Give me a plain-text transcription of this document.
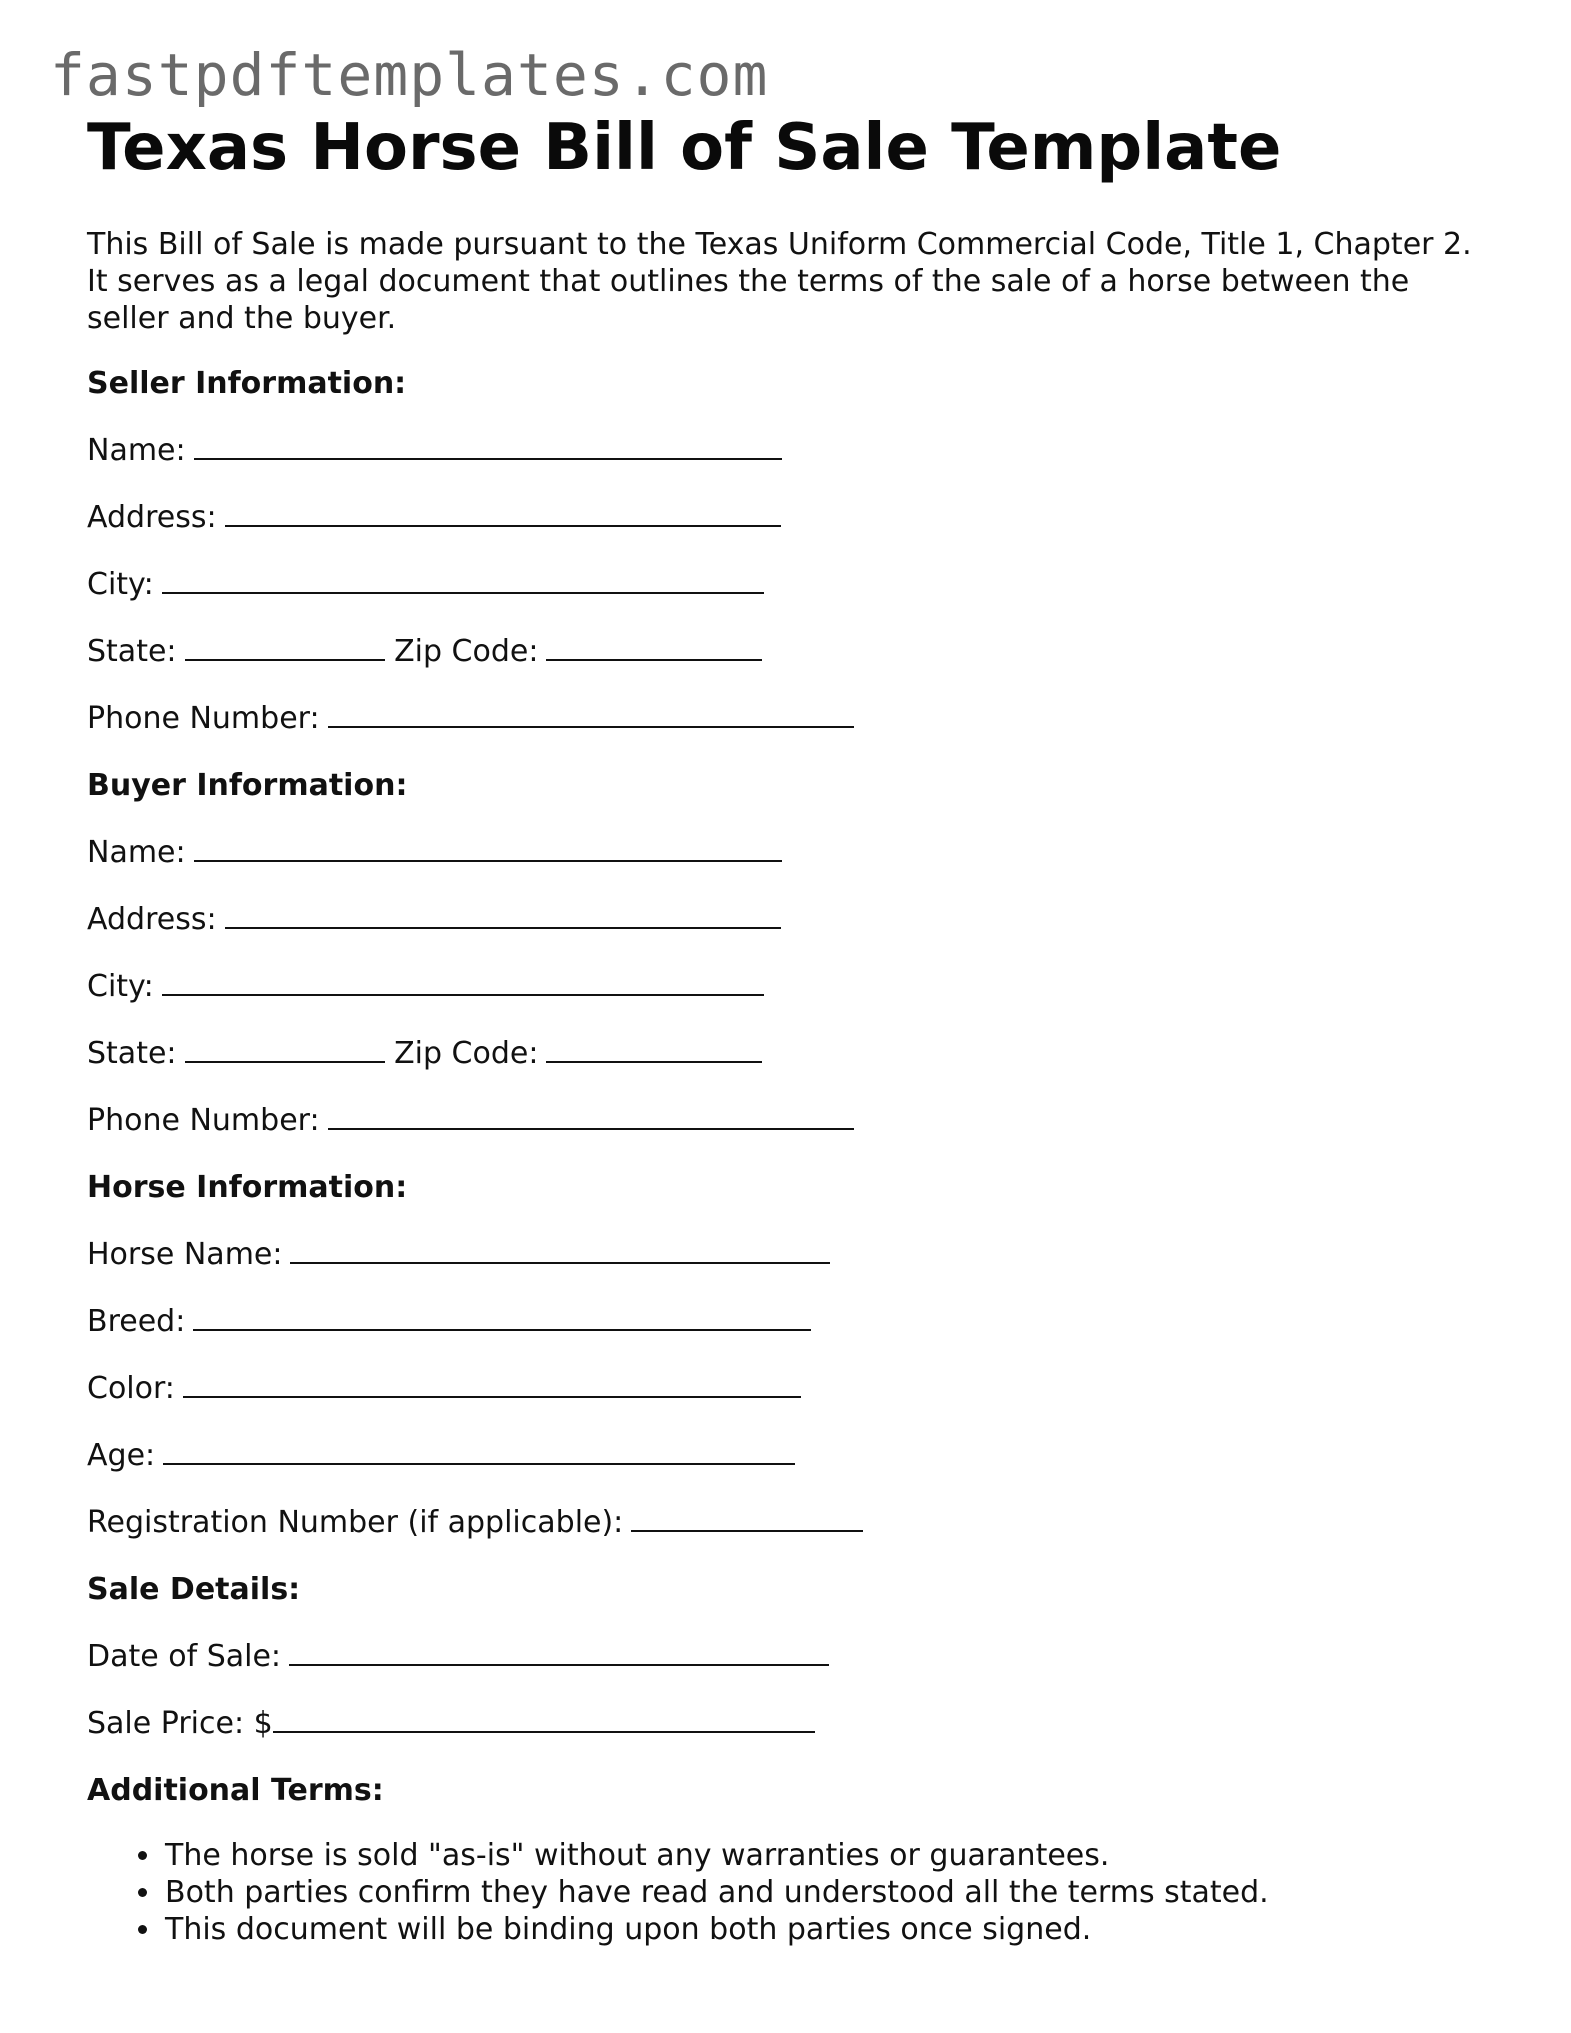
fastpdftemplates.com
Texas Horse Bill of Sale Template

This Bill of Sale is made pursuant to the Texas Uniform Commercial Code, Title 1, Chapter 2. It serves as a legal document that outlines the terms of the sale of a horse between the seller and the buyer.

Seller Information:
Name:
Address:
City:
State:	Zip Code:
Phone Number:
Buyer Information:
Name:
Address:
City:
State:	Zip Code:
Phone Number:
Horse Information:
Horse Name:
Breed:
Color:
Age:
Registration Number (if applicable):
Sale Details:
Date of Sale:
Sale Price: $
Additional Terms:
• The horse is sold "as-is" without any warranties or guarantees.
• Both parties confirm they have read and understood all the terms stated.
• This document will be binding upon both parties once signed.
